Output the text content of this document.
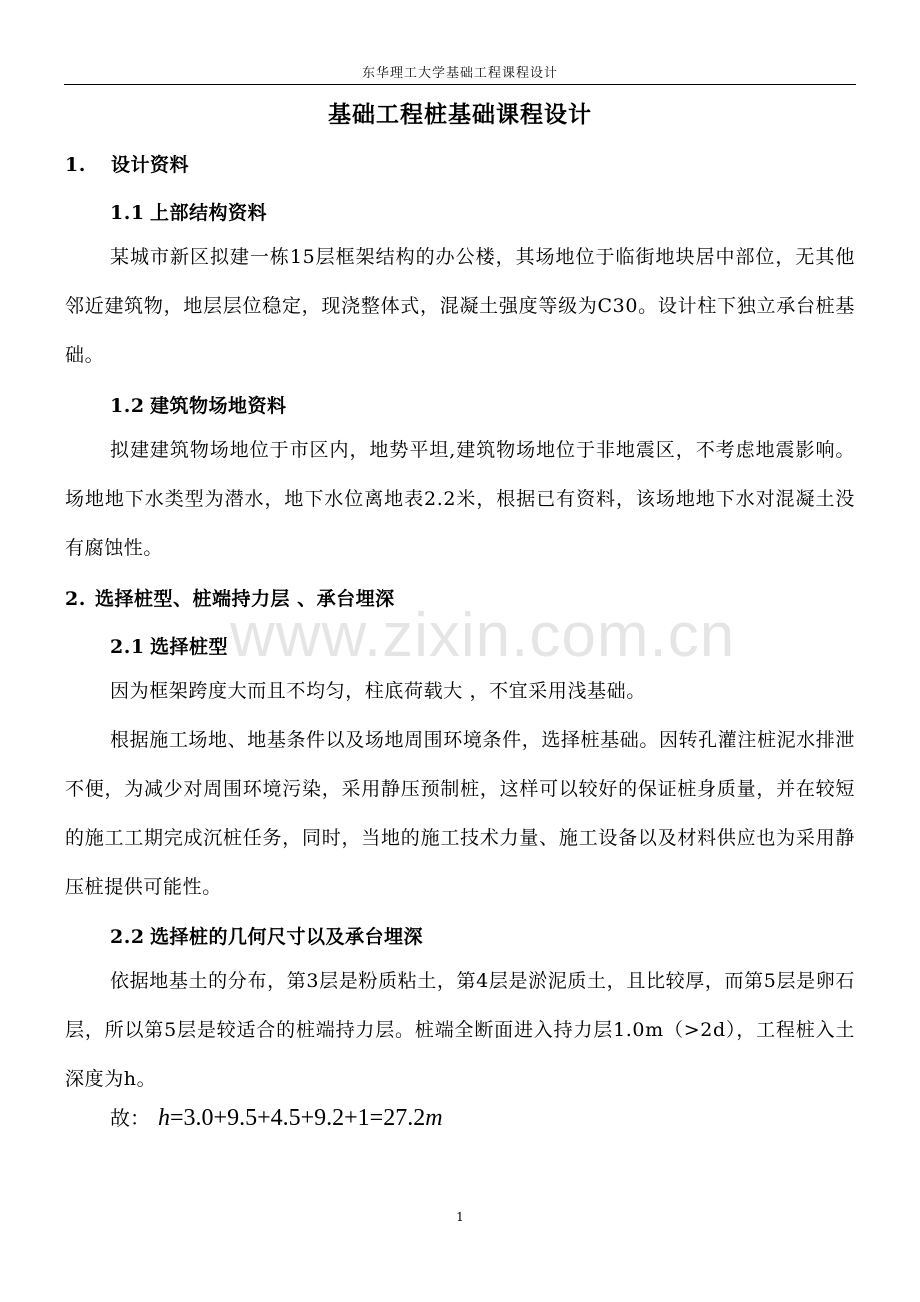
东华理工大学基础工程课程设计
基础工程桩基础课程设计
1. 设计资料
1.1 上部结构资料
某城市新区拟建一栋15层框架结构的办公楼，其场地位于临街地块居中部位，无其他邻近建筑物，地层层位稳定，现浇整体式，混凝土强度等级为C30。设计柱下独立承台桩基础。
1.2 建筑物场地资料
拟建建筑物场地位于市区内，地势平坦,建筑物场地位于非地震区，不考虑地震影响。 场地地下水类型为潜水，地下水位离地表2.2米，根据已有资料，该场地地下水对混凝土没有腐蚀性。
2. 选择桩型、桩端持力层 、承台埋深
2.1 选择桩型
因为框架跨度大而且不均匀，柱底荷载大 ，不宜采用浅基础。
根据施工场地、地基条件以及场地周围环境条件，选择桩基础。因转孔灌注桩泥水排泄不便，为减少对周围环境污染，采用静压预制桩，这样可以较好的保证桩身质量，并在较短的施工工期完成沉桩任务，同时，当地的施工技术力量、施工设备以及材料供应也为采用静压桩提供可能性。
2.2 选择桩的几何尺寸以及承台埋深
依据地基土的分布，第3层是粉质粘土，第4层是淤泥质土，且比较厚，而第5层是卵石层，所以第5层是较适合的桩端持力层。桩端全断面进入持力层1.0m（>2d），工程桩入土深度为h。
故： h=3.0+9.5+4.5+9.2+1=27.2m
www.zixin.com.cn
1
